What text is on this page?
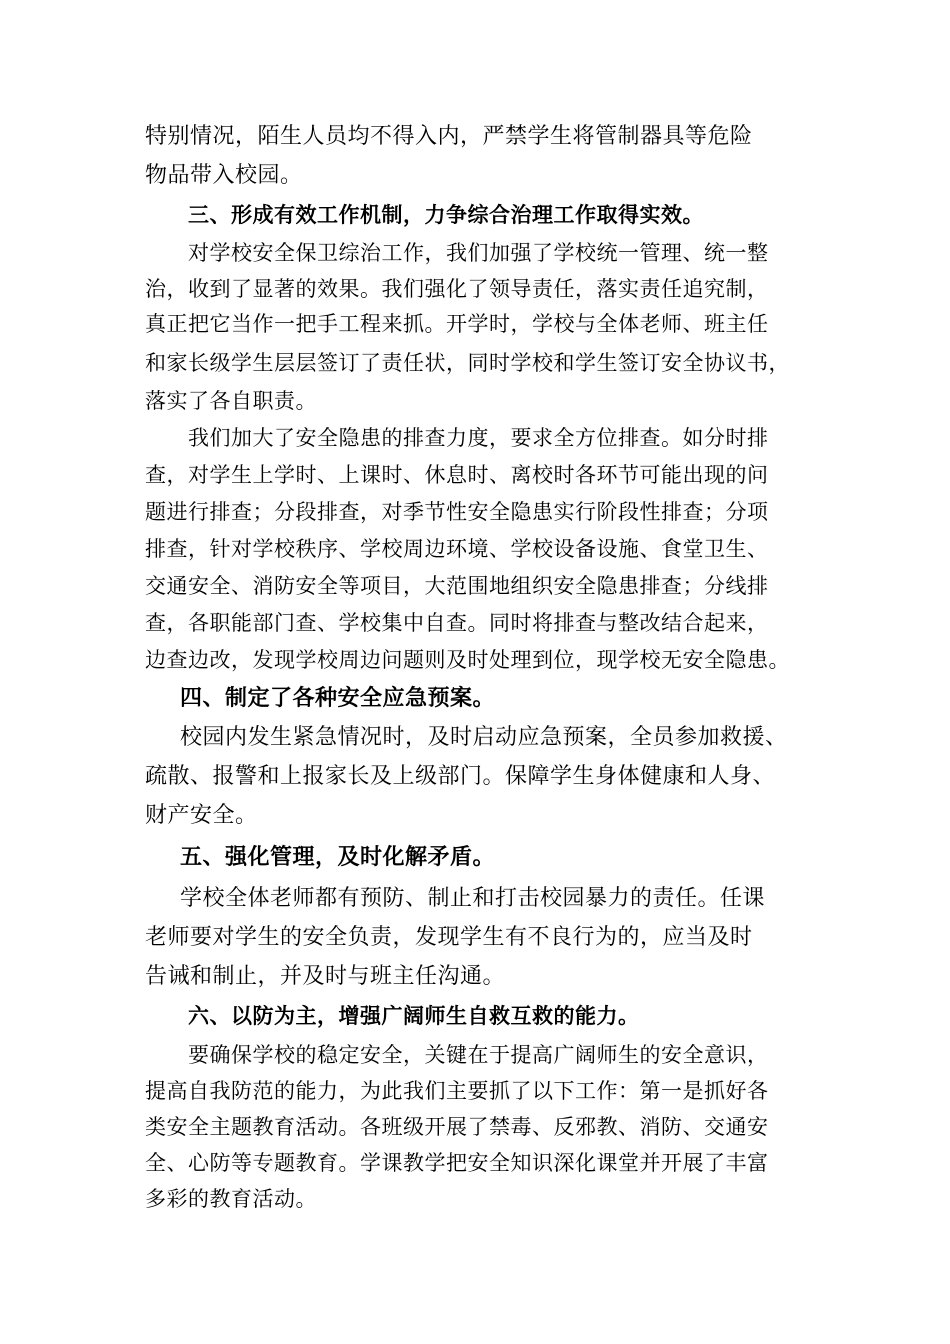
特别情况，陌生人员均不得入内，严禁学生将管制器具等危险

物品带入校园。

三、形成有效工作机制，力争综合治理工作取得实效。

对学校安全保卫综治工作，我们加强了学校统一管理、统一整

治，收到了显著的效果。我们强化了领导责任，落实责任追究制，

真正把它当作一把手工程来抓。开学时，学校与全体老师、班主任

和家长级学生层层签订了责任状，同时学校和学生签订安全协议书，

落实了各自职责。

我们加大了安全隐患的排查力度，要求全方位排查。如分时排

查，对学生上学时、上课时、休息时、离校时各环节可能出现的问

题进行排查；分段排查，对季节性安全隐患实行阶段性排查；分项

排查，针对学校秩序、学校周边环境、学校设备设施、食堂卫生、

交通安全、消防安全等项目，大范围地组织安全隐患排查；分线排

查，各职能部门查、学校集中自查。同时将排查与整改结合起来，

边查边改，发现学校周边问题则及时处理到位，现学校无安全隐患。

四、制定了各种安全应急预案。

校园内发生紧急情况时，及时启动应急预案，全员参加救援、

疏散、报警和上报家长及上级部门。保障学生身体健康和人身、

财产安全。

五、强化管理，及时化解矛盾。

学校全体老师都有预防、制止和打击校园暴力的责任。任课

老师要对学生的安全负责，发现学生有不良行为的，应当及时

告诫和制止，并及时与班主任沟通。

六、以防为主，增强广阔师生自救互救的能力。

要确保学校的稳定安全，关键在于提高广阔师生的安全意识，

提高自我防范的能力，为此我们主要抓了以下工作：第一是抓好各

类安全主题教育活动。各班级开展了禁毒、反邪教、消防、交通安

全、心防等专题教育。学课教学把安全知识深化课堂并开展了丰富

多彩的教育活动。
